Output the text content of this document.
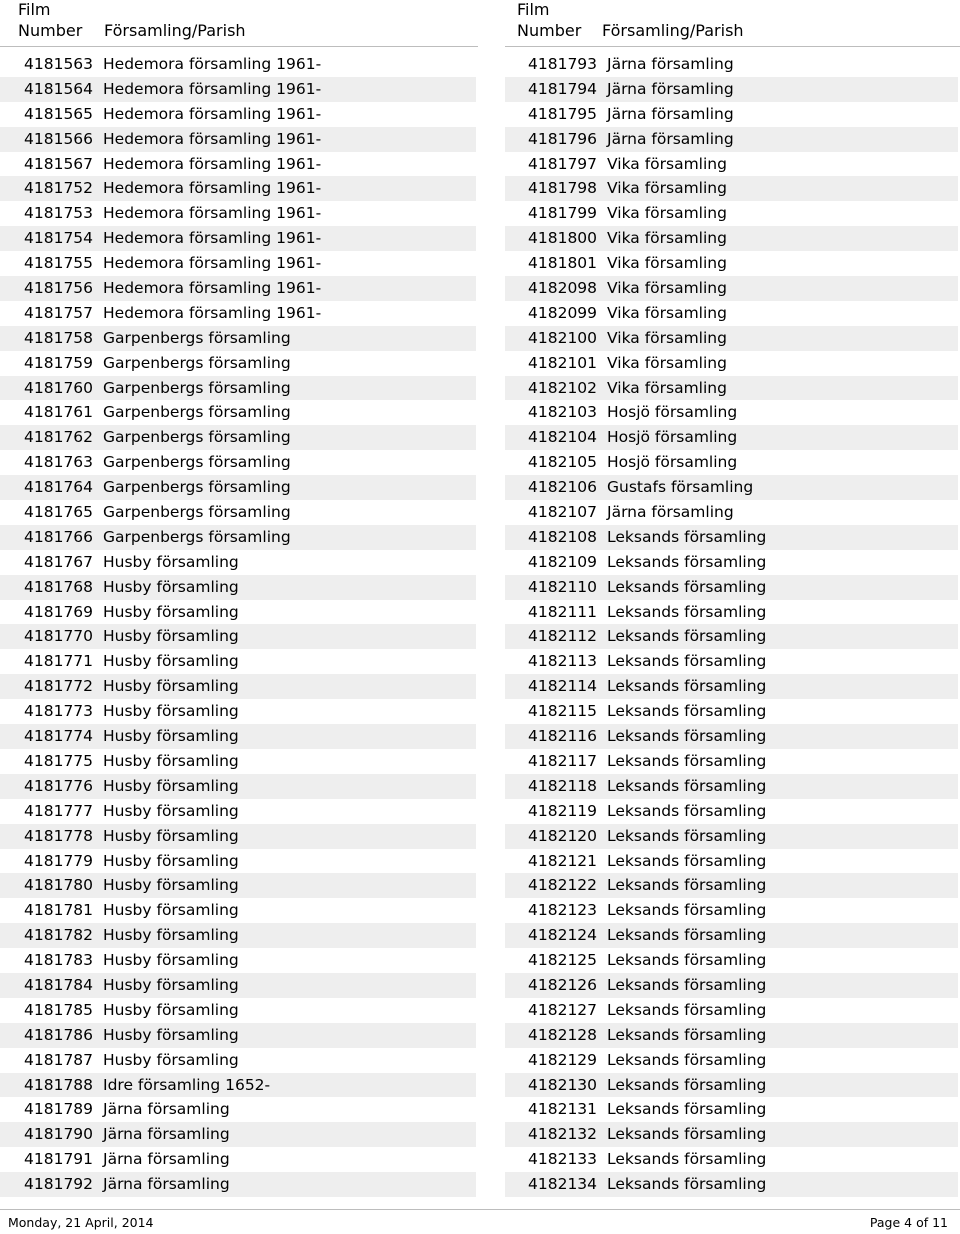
Film
Number Församling/Parish
4181563 Hedemora församling 1961-
4181564 Hedemora församling 1961-
4181565 Hedemora församling 1961-
4181566 Hedemora församling 1961-
4181567 Hedemora församling 1961-
4181752 Hedemora församling 1961-
4181753 Hedemora församling 1961-
4181754 Hedemora församling 1961-
4181755 Hedemora församling 1961-
4181756 Hedemora församling 1961-
4181757 Hedemora församling 1961-
4181758 Garpenbergs församling
4181759 Garpenbergs församling
4181760 Garpenbergs församling
4181761 Garpenbergs församling
4181762 Garpenbergs församling
4181763 Garpenbergs församling
4181764 Garpenbergs församling
4181765 Garpenbergs församling
4181766 Garpenbergs församling
4181767 Husby församling
4181768 Husby församling
4181769 Husby församling
4181770 Husby församling
4181771 Husby församling
4181772 Husby församling
4181773 Husby församling
4181774 Husby församling
4181775 Husby församling
4181776 Husby församling
4181777 Husby församling
4181778 Husby församling
4181779 Husby församling
4181780 Husby församling
4181781 Husby församling
4181782 Husby församling
4181783 Husby församling
4181784 Husby församling
4181785 Husby församling
4181786 Husby församling
4181787 Husby församling
4181788 Idre församling 1652-
4181789 Järna församling
4181790 Järna församling
4181791 Järna församling
4181792 Järna församling
Film
Number Församling/Parish
4181793 Järna församling
4181794 Järna församling
4181795 Järna församling
4181796 Järna församling
4181797 Vika församling
4181798 Vika församling
4181799 Vika församling
4181800 Vika församling
4181801 Vika församling
4182098 Vika församling
4182099 Vika församling
4182100 Vika församling
4182101 Vika församling
4182102 Vika församling
4182103 Hosjö församling
4182104 Hosjö församling
4182105 Hosjö församling
4182106 Gustafs församling
4182107 Järna församling
4182108 Leksands församling
4182109 Leksands församling
4182110 Leksands församling
4182111 Leksands församling
4182112 Leksands församling
4182113 Leksands församling
4182114 Leksands församling
4182115 Leksands församling
4182116 Leksands församling
4182117 Leksands församling
4182118 Leksands församling
4182119 Leksands församling
4182120 Leksands församling
4182121 Leksands församling
4182122 Leksands församling
4182123 Leksands församling
4182124 Leksands församling
4182125 Leksands församling
4182126 Leksands församling
4182127 Leksands församling
4182128 Leksands församling
4182129 Leksands församling
4182130 Leksands församling
4182131 Leksands församling
4182132 Leksands församling
4182133 Leksands församling
4182134 Leksands församling
Monday, 21 April, 2014	Page 4 of 11
